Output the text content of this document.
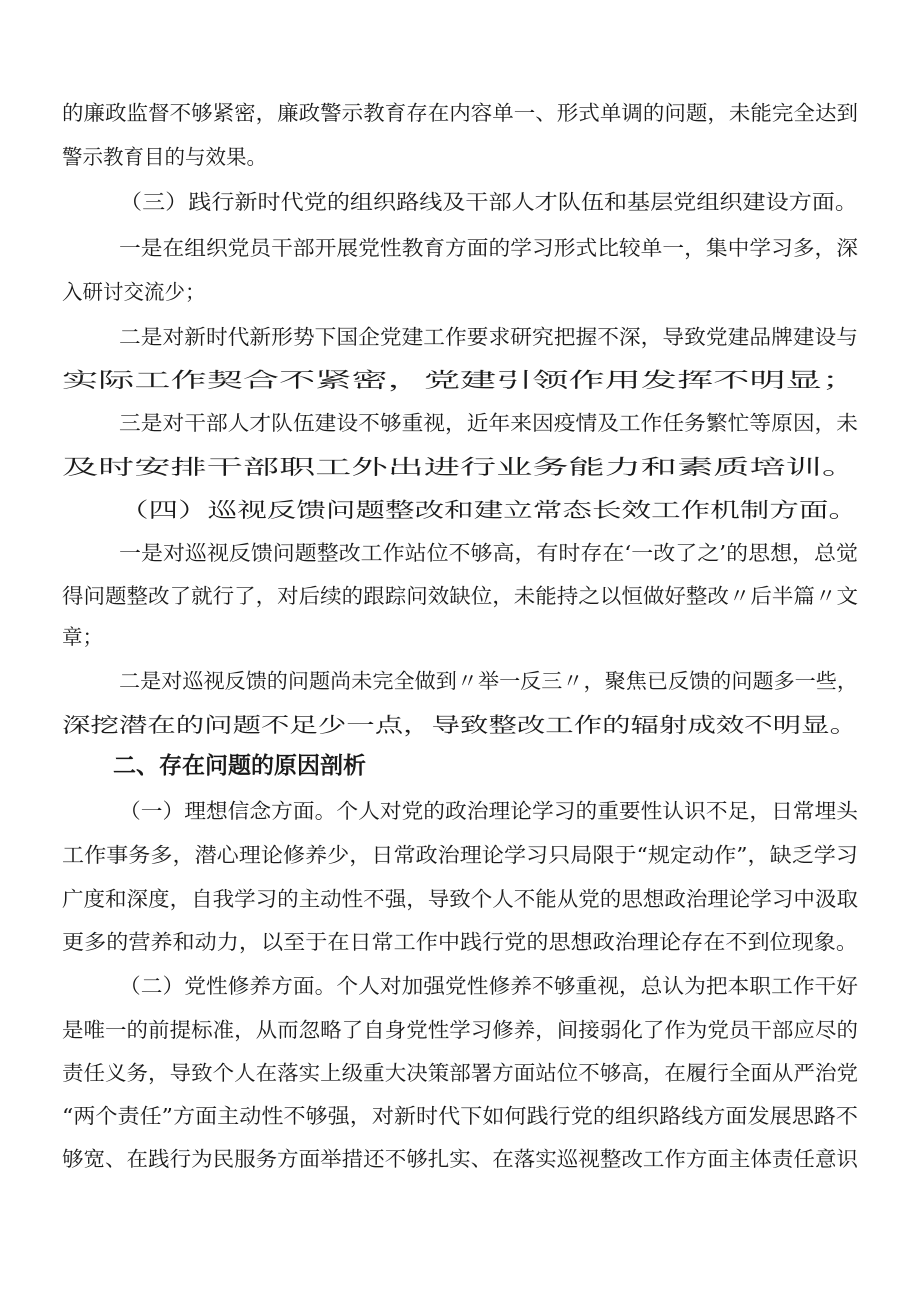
的廉政监督不够紧密，廉政警示教育存在内容单一、形式单调的问题，未能完全达到

警示教育目的与效果。

（三）践行新时代党的组织路线及干部人才队伍和基层党组织建设方面。

一是在组织党员干部开展党性教育方面的学习形式比较单一，集中学习多，深

入研讨交流少；

二是对新时代新形势下国企党建工作要求研究把握不深，导致党建品牌建设与

实际工作契合不紧密，党建引领作用发挥不明显；

三是对干部人才队伍建设不够重视，近年来因疫情及工作任务繁忙等原因，未

及时安排干部职工外出进行业务能力和素质培训。

（四）巡视反馈问题整改和建立常态长效工作机制方面。

一是对巡视反馈问题整改工作站位不够高，有时存在‘一改了之’的思想，总觉

得问题整改了就行了，对后续的跟踪问效缺位，未能持之以恒做好整改〃后半篇〃文

章；

二是对巡视反馈的问题尚未完全做到〃举一反三〃，聚焦已反馈的问题多一些，

深挖潜在的问题不足少一点，导致整改工作的辐射成效不明显。

二、存在问题的原因剖析

（一）理想信念方面。个人对党的政治理论学习的重要性认识不足，日常埋头

工作事务多，潜心理论修养少，日常政治理论学习只局限于“规定动作”，缺乏学习

广度和深度，自我学习的主动性不强，导致个人不能从党的思想政治理论学习中汲取

更多的营养和动力，以至于在日常工作中践行党的思想政治理论存在不到位现象。

（二）党性修养方面。个人对加强党性修养不够重视，总认为把本职工作干好

是唯一的前提标准，从而忽略了自身党性学习修养，间接弱化了作为党员干部应尽的

责任义务，导致个人在落实上级重大决策部署方面站位不够高，在履行全面从严治党

“两个责任”方面主动性不够强，对新时代下如何践行党的组织路线方面发展思路不

够宽、在践行为民服务方面举措还不够扎实、在落实巡视整改工作方面主体责任意识
